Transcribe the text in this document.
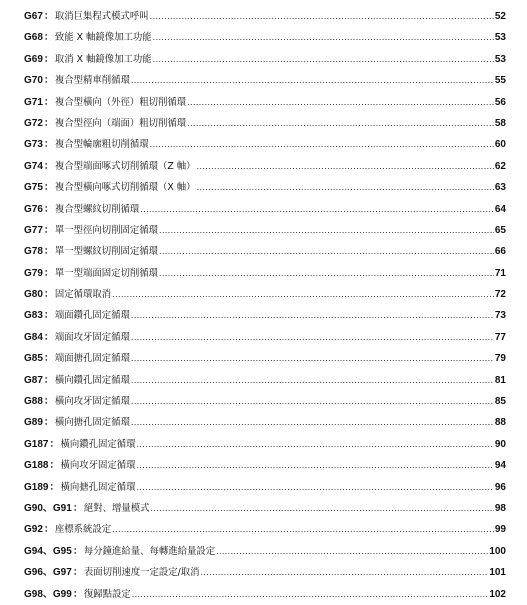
G67 ： 取消巨集程式模式呼叫 .....	52
G68 ： 致能 X 軸鏡像加工功能 .....	53
G69 ： 取消 X 軸鏡像加工功能 .....	53
G70 ： 複合型精車削循環 .....	55
G71 ： 複合型橫向（外徑）粗切削循環 .....	56
G72 ： 複合型徑向（端面）粗切削循環 .....	58
G73 ： 複合型輪廓粗切削循環 .....	60
G74 ： 複合型端面啄式切削循環（Z 軸） .....	62
G75 ： 複合型橫向啄式切削循環（X 軸） .....	63
G76 ： 複合型螺紋切削循環 .....	64
G77 ： 單一型徑向切削固定循環 .....	65
G78 ： 單一型螺紋切削固定循環 .....	66
G79 ： 單一型端面固定切削循環 .....	71
G80 ： 固定循環取消 .....	72
G83 ： 端面鑽孔固定循環 .....	73
G84 ： 端面攻牙固定循環 .....	77
G85 ： 端面搪孔固定循環 .....	79
G87 ： 橫向鑽孔固定循環 .....	81
G88 ： 橫向攻牙固定循環 .....	85
G89 ： 橫向搪孔固定循環 .....	88
G187 ： 橫向鑽孔固定循環 .....	90
G188 ： 橫向攻牙固定循環 .....	94
G189 ： 橫向搪孔固定循環 .....	96
G90、G91 ： 絕對、增量模式 .....	98
G92 ： 座標系統設定 .....	99
G94、G95 ： 每分鐘進給量、每轉進給量設定 .....	100
G96、G97 ： 表面切削速度一定設定/取消 .....	101
G98、G99 ： 復歸點設定 .....	102
